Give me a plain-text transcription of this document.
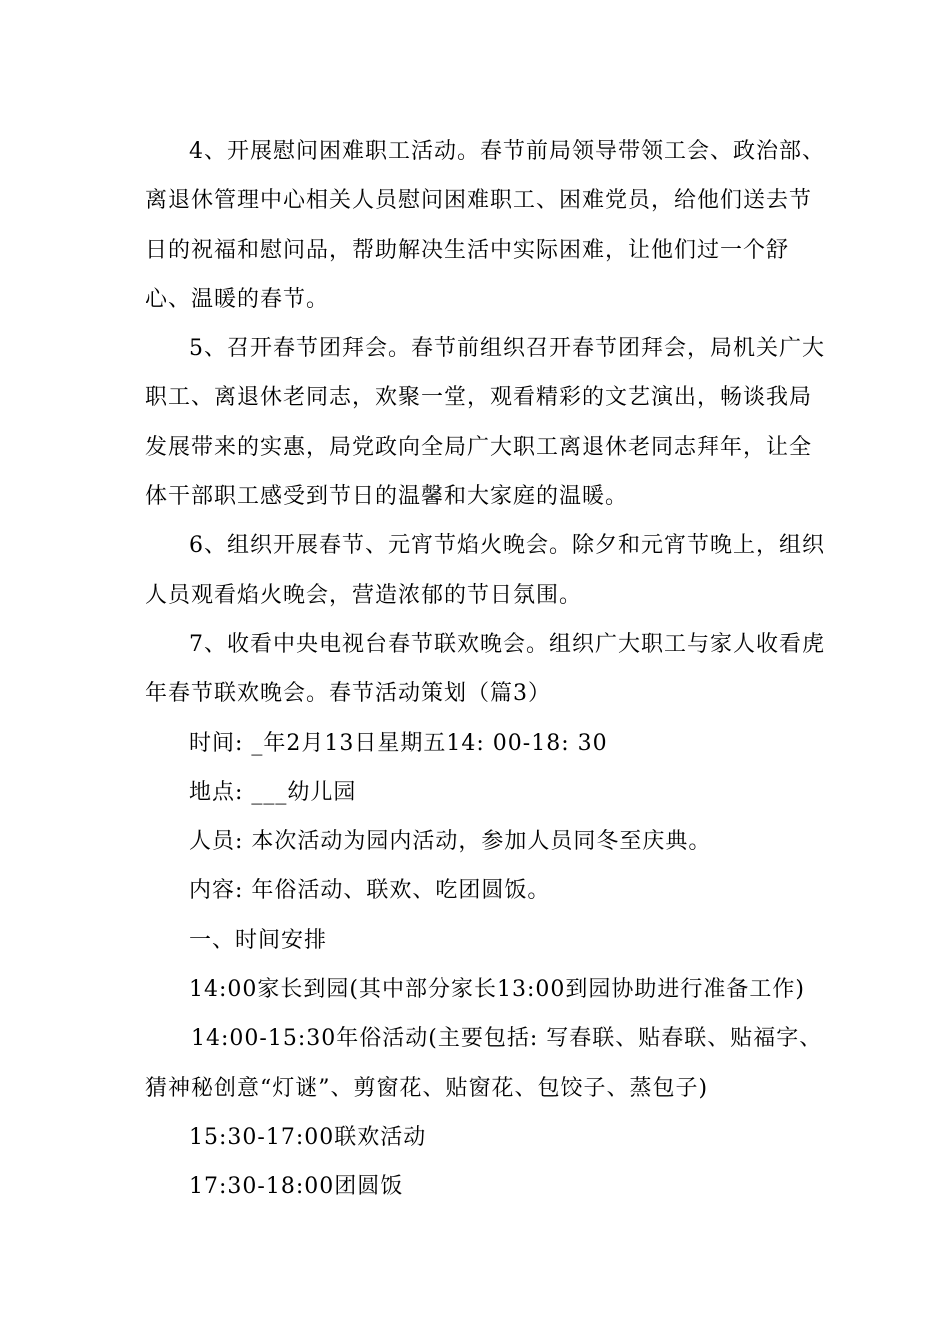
4、开展慰问困难职工活动。春节前局领导带领工会、政治部、
离退休管理中心相关人员慰问困难职工、困难党员，给他们送去节
日的祝福和慰问品，帮助解决生活中实际困难，让他们过一个舒
心、温暖的春节。

5、召开春节团拜会。春节前组织召开春节团拜会，局机关广大
职工、离退休老同志，欢聚一堂，观看精彩的文艺演出，畅谈我局
发展带来的实惠，局党政向全局广大职工离退休老同志拜年，让全
体干部职工感受到节日的温馨和大家庭的温暖。

6、组织开展春节、元宵节焰火晚会。除夕和元宵节晚上，组织
人员观看焰火晚会，营造浓郁的节日氛围。

7、收看中央电视台春节联欢晚会。组织广大职工与家人收看虎
年春节联欢晚会。春节活动策划（篇3）

时间: _年2月13日星期五14: 00-18: 30

地点: ___幼儿园

人员: 本次活动为园内活动，参加人员同冬至庆典。

内容: 年俗活动、联欢、吃团圆饭。

一、时间安排

14:00家长到园(其中部分家长13:00到园协助进行准备工作)

14:00-15:30年俗活动(主要包括: 写春联、贴春联、贴福字、
猜神秘创意“灯谜”、剪窗花、贴窗花、包饺子、蒸包子)

15:30-17:00联欢活动

17:30-18:00团圆饭
